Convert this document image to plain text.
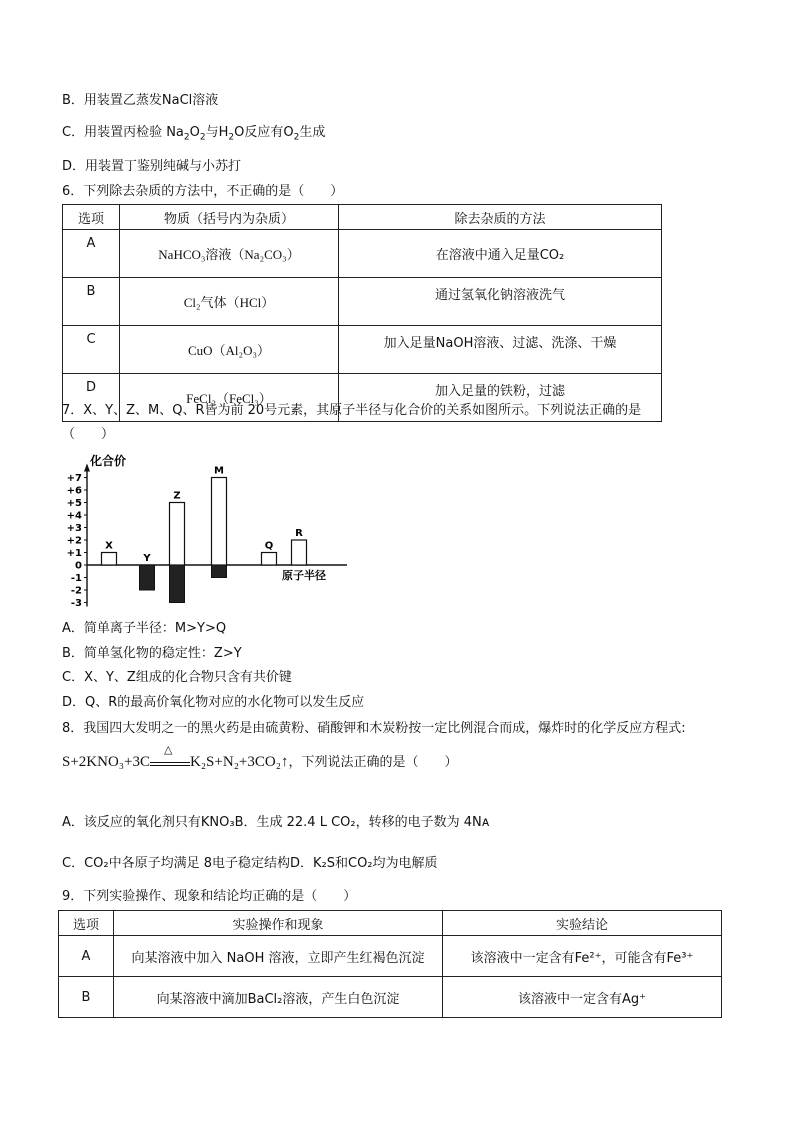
B．用装置乙蒸发NaCl溶液
C．用装置丙检验 $Na_2O_2$与$H_2O$反应有$O_2$生成
D．用装置丁鉴别纯碱与小苏打
6．下列除去杂质的方法中，不正确的是（　　）
选项	物质（括号内为杂质）	除去杂质的方法
A	NaHCO₃溶液（Na₂CO₃）	在溶液中通入足量CO₂
B	Cl₂气体（HCl）	通过氢氧化钠溶液洗气
C	CuO（Al₂O₃）	加入足量NaOH溶液、过滤、洗涤、干燥
D	FeCl₂（FeCl₃）	加入足量的铁粉，过滤
7．X、Y、Z、M、Q、R皆为前 20号元素，其原子半径与化合价的关系如图所示。下列说法正确的是
（　　）
+7
+6
+5
+4
+3
+2
+1
0
-1
-2
-3
X
Y
Z
M
Q
R
化合价
原子半径
A．简单离子半径：M>Y>Q
B．简单氢化物的稳定性：Z>Y
C．X、Y、Z组成的化合物只含有共价键
D．Q、R的最高价氧化物对应的水化物可以发生反应
8．我国四大发明之一的黑火药是由硫黄粉、硝酸钾和木炭粉按一定比例混合而成，爆炸时的化学反应方程式:
S+2KNO₃+3C
△
K₂S+N₂+3CO₂↑，下列说法正确的是（　　）
A．该反应的氧化剂只有KNO₃B．生成 22.4 L CO₂，转移的电子数为 4Nᴀ
C．CO₂中各原子均满足 8电子稳定结构D．K₂S和CO₂均为电解质
9．下列实验操作、现象和结论均正确的是（　　）
选项	实验操作和现象	实验结论
A	向某溶液中加入 NaOH 溶液，立即产生红褐色沉淀	该溶液中一定含有Fe²⁺，可能含有Fe³⁺
B	向某溶液中滴加BaCl₂溶液，产生白色沉淀	该溶液中一定含有Ag⁺
